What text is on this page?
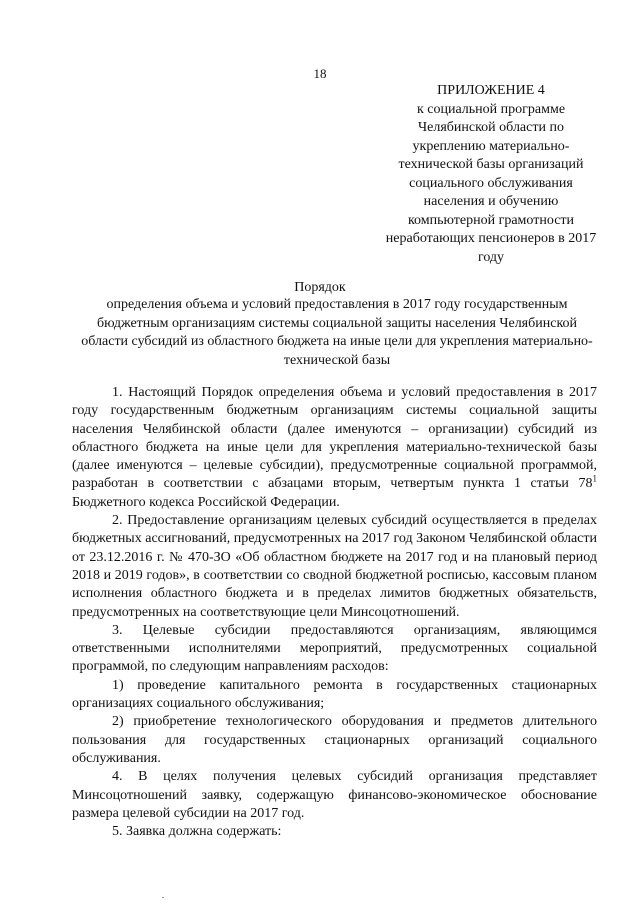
18
ПРИЛОЖЕНИЕ 4
к социальной программе Челябинской области по укреплению материально-технической базы организаций социального обслуживания населения и обучению компьютерной грамотности неработающих пенсионеров в 2017 году
Порядок
определения объема и условий предоставления в 2017 году государственным бюджетным организациям системы социальной защиты населения Челябинской области субсидий из областного бюджета на иные цели для укрепления материально-технической базы

1. Настоящий Порядок определения объема и условий предоставления в 2017 году государственным бюджетным организациям системы социальной защиты населения Челябинской области (далее именуются – организации) субсидий из областного бюджета на иные цели для укрепления материально-технической базы (далее именуются – целевые субсидии), предусмотренные социальной программой, разработан в соответствии с абзацами вторым, четвертым пункта 1 статьи $78^1$ Бюджетного кодекса Российской Федерации.

2. Предоставление организациям целевых субсидий осуществляется в пределах бюджетных ассигнований, предусмотренных на 2017 год Законом Челябинской области от 23.12.2016 г. № 470-ЗО «Об областном бюджете на 2017 год и на плановый период 2018 и 2019 годов», в соответствии со сводной бюджетной росписью, кассовым планом исполнения областного бюджета и в пределах лимитов бюджетных обязательств, предусмотренных на соответствующие цели Минсоцотношений.

3. Целевые субсидии предоставляются организациям, являющимся ответственными исполнителями мероприятий, предусмотренных социальной программой, по следующим направлениям расходов:

1) проведение капитального ремонта в государственных стационарных организациях социального обслуживания;

2) приобретение технологического оборудования и предметов длительного пользования для государственных стационарных организаций социального обслуживания.

4. В целях получения целевых субсидий организация представляет Минсоцотношений заявку, содержащую финансово-экономическое обоснование размера целевой субсидии на 2017 год.

5. Заявка должна содержать:
